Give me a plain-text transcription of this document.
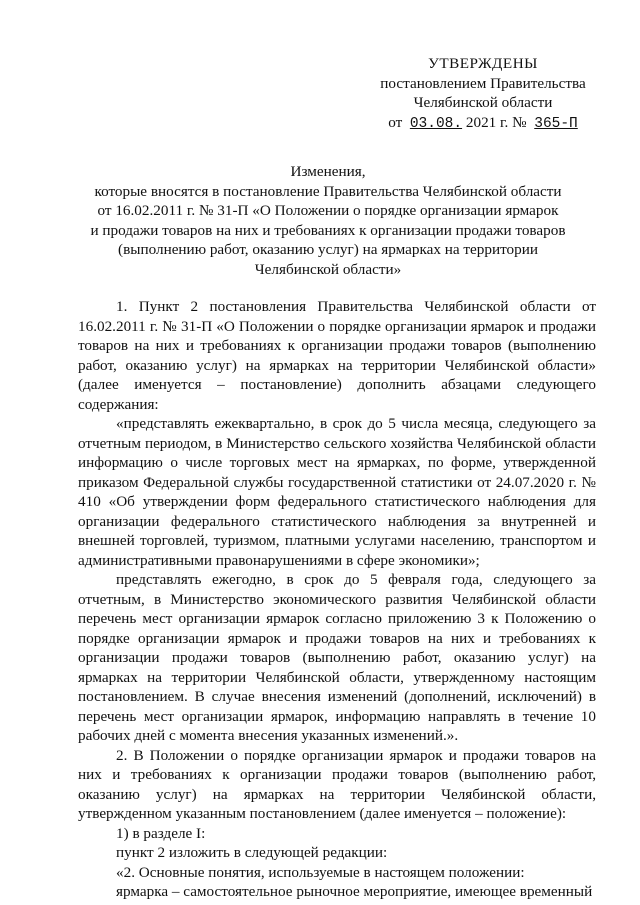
УТВЕРЖДЕНЫ
постановлением Правительства
Челябинской области
от 03.08. 2021 г. № 365-П
Изменения,
которые вносятся в постановление Правительства Челябинской области
от 16.02.2011 г. № 31-П «О Положении о порядке организации ярмарок
и продажи товаров на них и требованиях к организации продажи товаров
(выполнению работ, оказанию услуг) на ярмарках на территории
Челябинской области»

1. Пункт 2 постановления Правительства Челябинской области от 16.02.2011 г. № 31-П «О Положении о порядке организации ярмарок и продажи товаров на них и требованиях к организации продажи товаров (выполнению работ, оказанию услуг) на ярмарках на территории Челябинской области» (далее именуется – постановление) дополнить абзацами следующего содержания:

«представлять ежеквартально, в срок до 5 числа месяца, следующего за отчетным периодом, в Министерство сельского хозяйства Челябинской области информацию о числе торговых мест на ярмарках, по форме, утвержденной приказом Федеральной службы государственной статистики от 24.07.2020 г. № 410 «Об утверждении форм федерального статистического наблюдения для организации федерального статистического наблюдения за внутренней и внешней торговлей, туризмом, платными услугами населению, транспортом и административными правонарушениями в сфере экономики»;

представлять ежегодно, в срок до 5 февраля года, следующего за отчетным, в Министерство экономического развития Челябинской области перечень мест организации ярмарок согласно приложению 3 к Положению о порядке организации ярмарок и продажи товаров на них и требованиях к организации продажи товаров (выполнению работ, оказанию услуг) на ярмарках на территории Челябинской области, утвержденному настоящим постановлением. В случае внесения изменений (дополнений, исключений) в перечень мест организации ярмарок, информацию направлять в течение 10 рабочих дней с момента внесения указанных изменений.».

2. В Положении о порядке организации ярмарок и продажи товаров на них и требованиях к организации продажи товаров (выполнению работ, оказанию услуг) на ярмарках на территории Челябинской области, утвержденном указанным постановлением (далее именуется – положение):

1) в разделе I:

пункт 2 изложить в следующей редакции:

«2. Основные понятия, используемые в настоящем положении:

ярмарка – самостоятельное рыночное мероприятие, имеющее временный
